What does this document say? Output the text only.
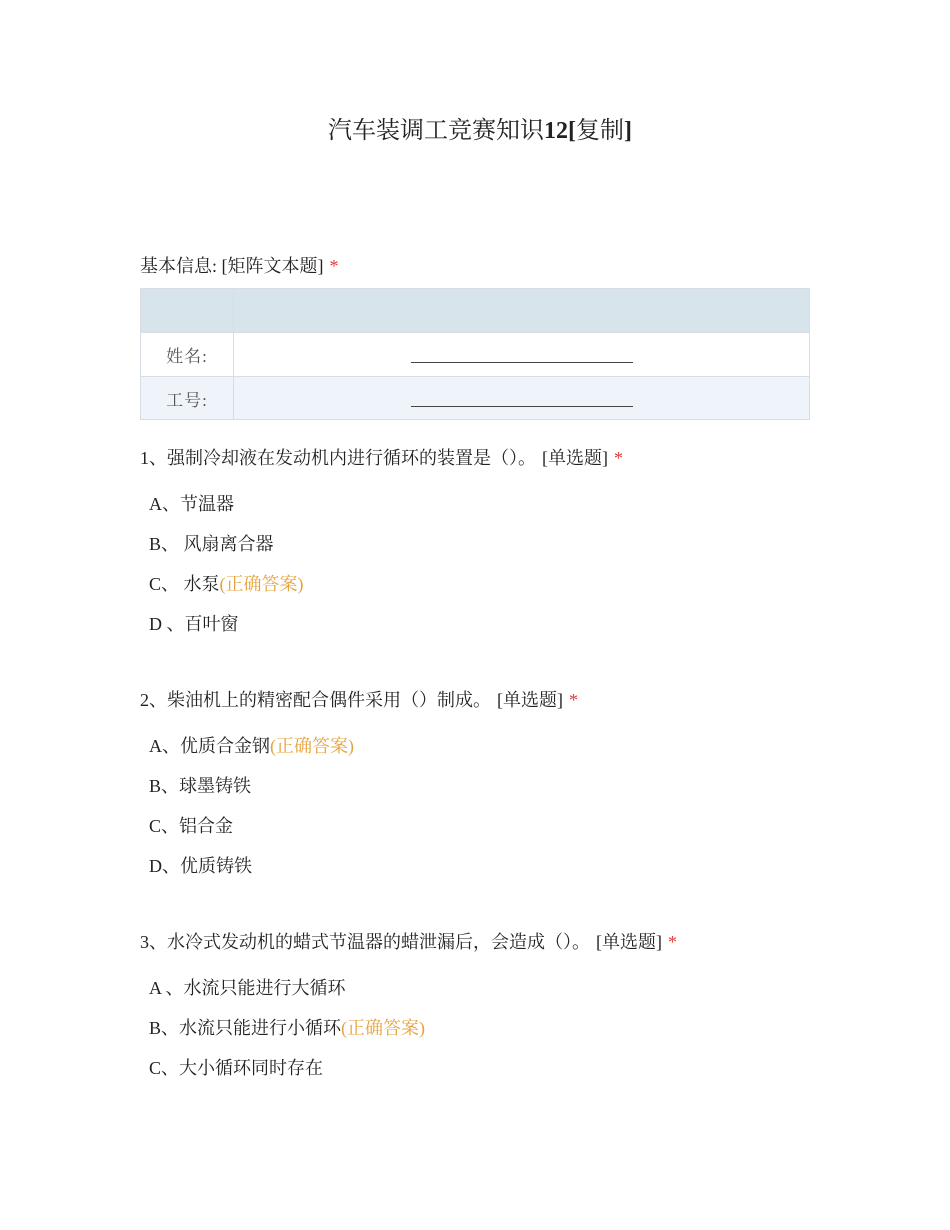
汽车装调工竞赛知识12[复制]
基本信息: [矩阵文本题] *

姓名:	
工号:	
1、强制冷却液在发动机内进行循环的装置是（）。 [单选题] *
A、节温器
B、 风扇离合器
C、 水泵(正确答案)
D 、百叶窗
2、柴油机上的精密配合偶件采用（）制成。 [单选题] *
A、优质合金钢(正确答案)
B、球墨铸铁
C、铝合金
D、优质铸铁
3、水冷式发动机的蜡式节温器的蜡泄漏后，会造成（）。 [单选题] *
A 、水流只能进行大循环
B、水流只能进行小循环(正确答案)
C、大小循环同时存在
